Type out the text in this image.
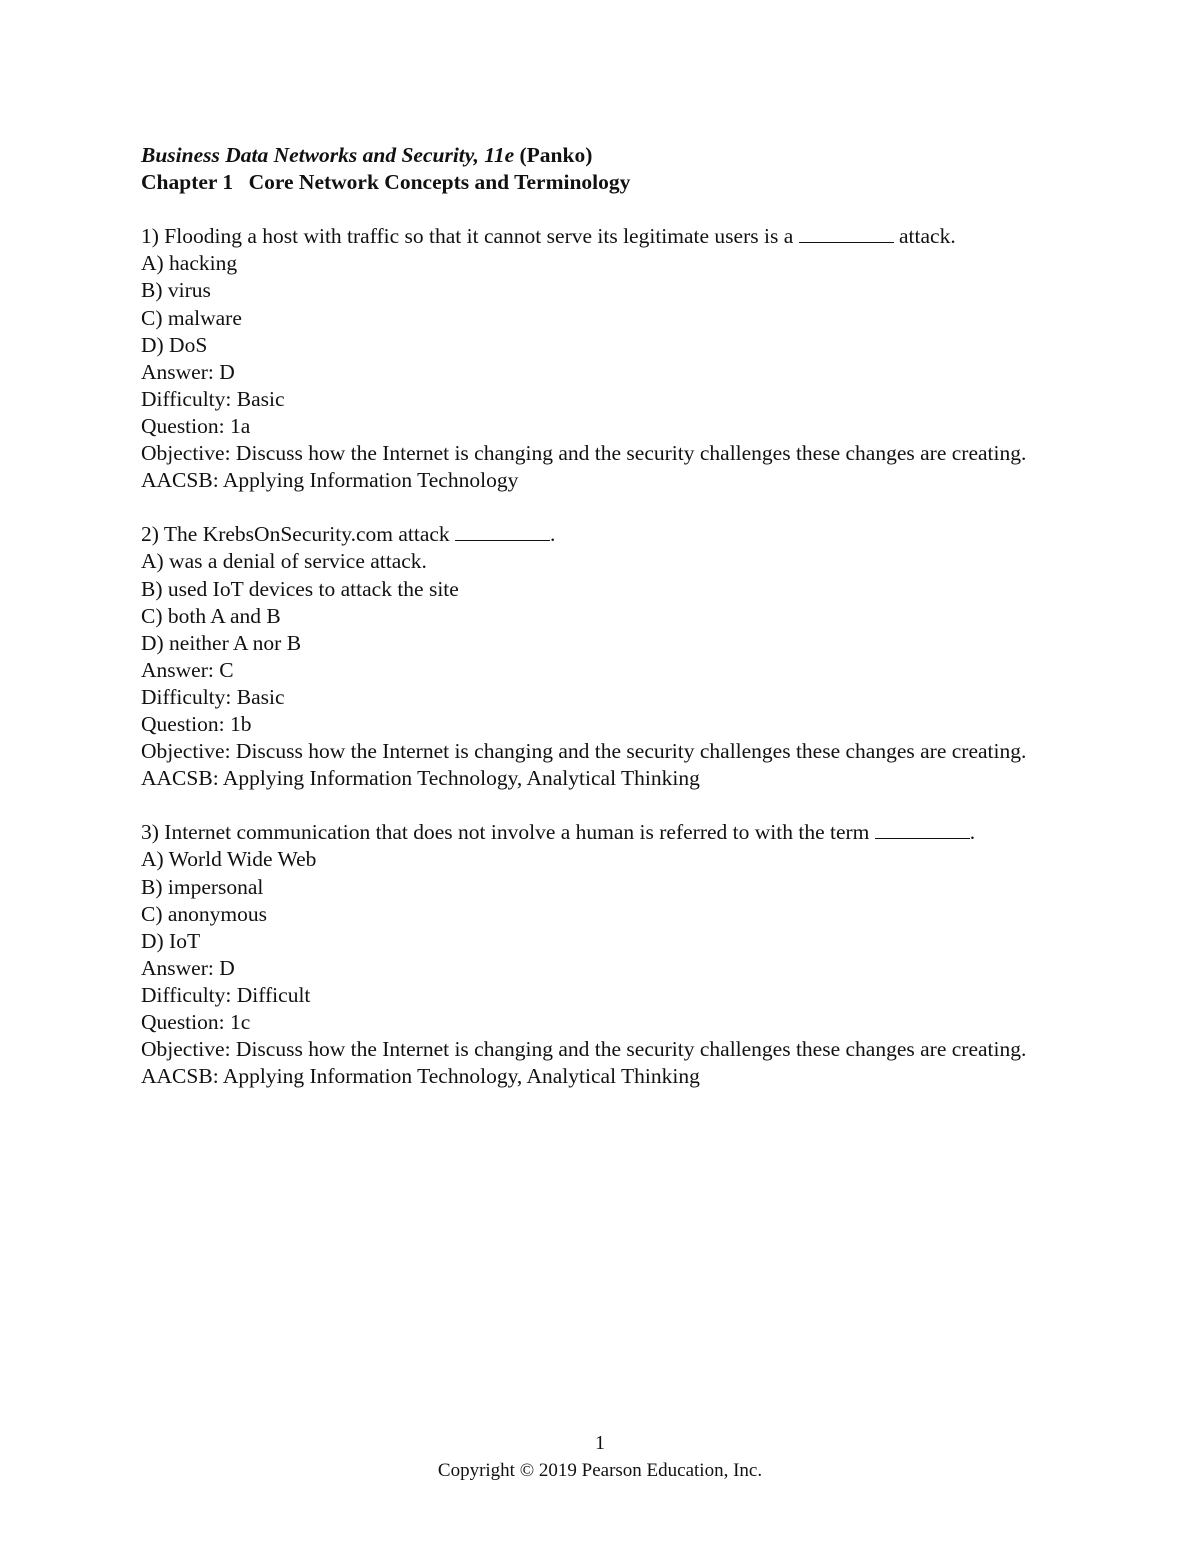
Business Data Networks and Security, 11e (Panko)
Chapter 1 Core Network Concepts and Terminology
1) Flooding a host with traffic so that it cannot serve its legitimate users is a	attack.
A) hacking
B) virus
C) malware
D) DoS
Answer: D
Difficulty: Basic
Question: 1a
Objective: Discuss how the Internet is changing and the security challenges these changes are creating.
AACSB: Applying Information Technology
2) The KrebsOnSecurity.com attack	.
A) was a denial of service attack.
B) used IoT devices to attack the site
C) both A and B
D) neither A nor B
Answer: C
Difficulty: Basic
Question: 1b
Objective: Discuss how the Internet is changing and the security challenges these changes are creating.
AACSB: Applying Information Technology, Analytical Thinking
3) Internet communication that does not involve a human is referred to with the term	.
A) World Wide Web
B) impersonal
C) anonymous
D) IoT
Answer: D
Difficulty: Difficult
Question: 1c
Objective: Discuss how the Internet is changing and the security challenges these changes are creating.
AACSB: Applying Information Technology, Analytical Thinking
1
Copyright © 2019 Pearson Education, Inc.
